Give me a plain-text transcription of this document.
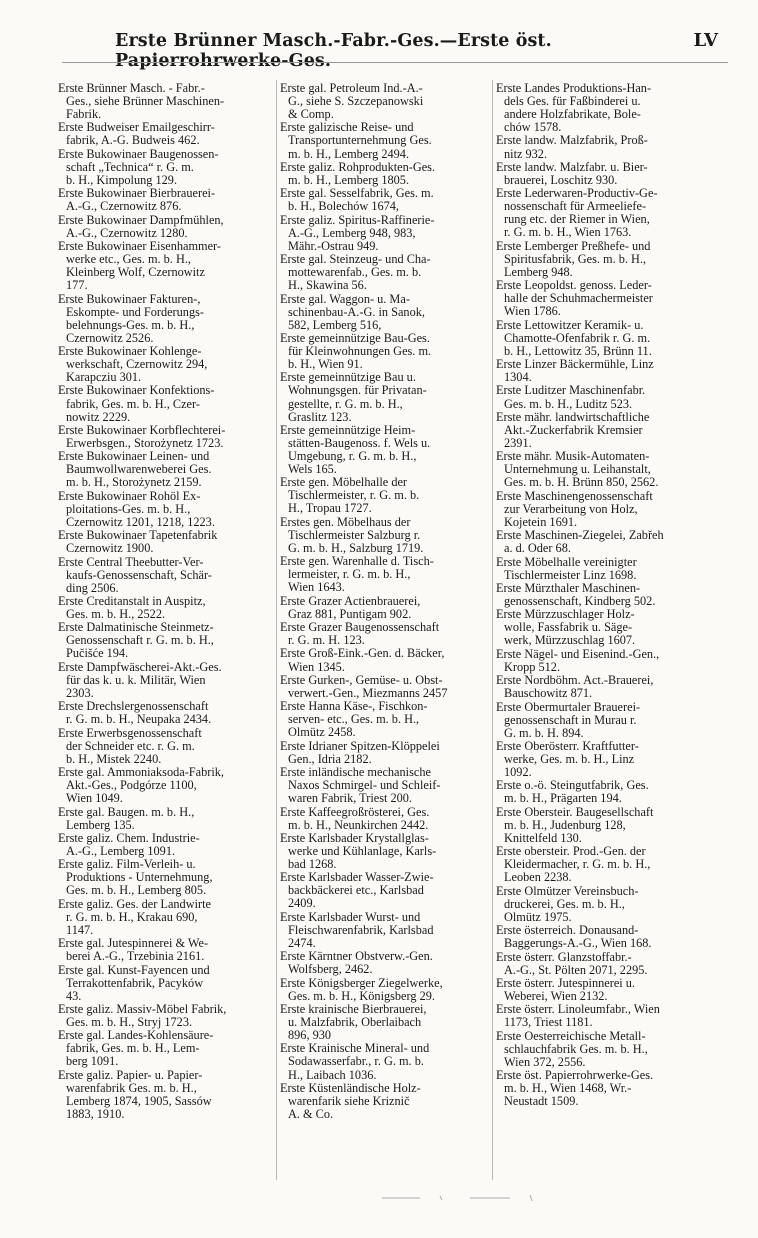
Erste Brünner Masch.-Fabr.-Ges.—Erste öst. Papierrohrwerke-Ges.
LV
Erste Brünner Masch. - Fabr.-
Ges., siehe Brünner Maschinen-
Fabrik.
Erste Budweiser Emailgeschirr-
fabrik, A.-G. Budweis 462.
Erste Bukowinaer Baugenossen-
schaft „Technica“ r. G. m.
b. H., Kimpolung 129.
Erste Bukowinaer Bierbrauerei-
A.-G., Czernowitz 876.
Erste Bukowinaer Dampfmühlen,
A.-G., Czernowitz 1280.
Erste Bukowinaer Eisenhammer-
werke etc., Ges. m. b. H.,
Kleinberg Wolf, Czernowitz
177.
Erste Bukowinaer Fakturen-,
Eskompte- und Forderungs-
belehnungs-Ges. m. b. H.,
Czernowitz 2526.
Erste Bukowinaer Kohlenge-
werkschaft, Czernowitz 294,
Karapcziu 301.
Erste Bukowinaer Konfektions-
fabrik, Ges. m. b. H., Czer-
nowitz 2229.
Erste Bukowinaer Korbflechterei-
Erwerbsgen., Storożynetz 1723.
Erste Bukowinaer Leinen- und
Baumwollwarenweberei Ges.
m. b. H., Storożynetz 2159.
Erste Bukowinaer Rohöl Ex-
ploitations-Ges. m. b. H.,
Czernowitz 1201, 1218, 1223.
Erste Bukowinaer Tapetenfabrik
Czernowitz 1900.
Erste Central Theebutter-Ver-
kaufs-Genossenschaft, Schär-
ding 2506.
Erste Creditanstalt in Auspitz,
Ges. m. b. H., 2522.
Erste Dalmatinische Steinmetz-
Genossenschaft r. G. m. b. H.,
Pučišće 194.
Erste Dampfwäscherei-Akt.-Ges.
für das k. u. k. Militär, Wien
2303.
Erste Drechslergenossenschaft
r. G. m. b. H., Neupaka 2434.
Erste Erwerbsgenossenschaft
der Schneider etc. r. G. m.
b. H., Mistek 2240.
Erste gal. Ammoniaksoda-Fabrik,
Akt.-Ges., Podgórze 1100,
Wien 1049.
Erste gal. Baugen. m. b. H.,
Lemberg 135.
Erste galiz. Chem. Industrie-
A.-G., Lemberg 1091.
Erste galiz. Film-Verleih- u.
Produktions - Unternehmung,
Ges. m. b. H., Lemberg 805.
Erste galiz. Ges. der Landwirte
r. G. m. b. H., Krakau 690,
1147.
Erste gal. Jutespinnerei & We-
berei A.-G., Trzebinia 2161.
Erste gal. Kunst-Fayencen und
Terrakottenfabrik, Pacyków
43.
Erste galiz. Massiv-Möbel Fabrik,
Ges. m. b. H., Stryj 1723.
Erste gal. Landes-Kohlensäure-
fabrik, Ges. m. b. H., Lem-
berg 1091.
Erste galiz. Papier- u. Papier-
warenfabrik Ges. m. b. H.,
Lemberg 1874, 1905, Sassów
1883, 1910.
Erste gal. Petroleum Ind.-A.-
G., siehe S. Szczepanowski
& Comp.
Erste galizische Reise- und
Transportunternehmung Ges.
m. b. H., Lemberg 2494.
Erste galiz. Rohprodukten-Ges.
m. b. H., Lemberg 1805.
Erste gal. Sesselfabrik, Ges. m.
b. H., Bolechów 1674,
Erste galiz. Spiritus-Raffinerie-
A.-G., Lemberg 948, 983,
Mähr.-Ostrau 949.
Erste gal. Steinzeug- und Cha-
mottewarenfab., Ges. m. b.
H., Skawina 56.
Erste gal. Waggon- u. Ma-
schinenbau-A.-G. in Sanok,
582, Lemberg 516,
Erste gemeinnützige Bau-Ges.
für Kleinwohnungen Ges. m.
b. H., Wien 91.
Erste gemeinnützige Bau u.
Wohnungsgen. für Privatan-
gestellte, r. G. m. b. H.,
Graslitz 123.
Erste gemeinnützige Heim-
stätten-Baugenoss. f. Wels u.
Umgebung, r. G. m. b. H.,
Wels 165.
Erste gen. Möbelhalle der
Tischlermeister, r. G. m. b.
H., Tropau 1727.
Erstes gen. Möbelhaus der
Tischlermeister Salzburg r.
G. m. b. H., Salzburg 1719.
Erste gen. Warenhalle d. Tisch-
lermeister, r. G. m. b. H.,
Wien 1643.
Erste Grazer Actienbrauerei,
Graz 881, Puntigam 902.
Erste Grazer Baugenossenschaft
r. G. m. H. 123.
Erste Groß-Eink.-Gen. d. Bäcker,
Wien 1345.
Erste Gurken-, Gemüse- u. Obst-
verwert.-Gen., Miezmanns 2457
Erste Hanna Käse-, Fischkon-
serven- etc., Ges. m. b. H.,
Olmütz 2458.
Erste Idrianer Spitzen-Klöppelei
Gen., Idria 2182.
Erste inländische mechanische
Naxos Schmirgel- und Schleif-
waren Fabrik, Triest 200.
Erste Kaffeegroßrösterei, Ges.
m. b. H., Neunkirchen 2442.
Erste Karlsbader Krystallglas-
werke und Kühlanlage, Karls-
bad 1268.
Erste Karlsbader Wasser-Zwie-
backbäckerei etc., Karlsbad
2409.
Erste Karlsbader Wurst- und
Fleischwarenfabrik, Karlsbad
2474.
Erste Kärntner Obstverw.-Gen.
Wolfsberg, 2462.
Erste Königsberger Ziegelwerke,
Ges. m. b. H., Königsberg 29.
Erste krainische Bierbrauerei,
u. Malzfabrik, Oberlaibach
896, 930
Erste Krainische Mineral- und
Sodawasserfabr., r. G. m. b.
H., Laibach 1036.
Erste Küstenländische Holz-
warenfarik siehe Kriznič
A. & Co.
Erste Landes Produktions-Han-
dels Ges. für Faßbinderei u.
andere Holzfabrikate, Bole-
chów 1578.
Erste landw. Malzfabrik, Proß-
nitz 932.
Erste landw. Malzfabr. u. Bier-
brauerei, Loschitz 930.
Erste Lederwaren-Productiv-Ge-
nossenschaft für Armeeliefe-
rung etc. der Riemer in Wien,
r. G. m. b. H., Wien 1763.
Erste Lemberger Preßhefe- und
Spiritusfabrik, Ges. m. b. H.,
Lemberg 948.
Erste Leopoldst. genoss. Leder-
halle der Schuhmachermeister
Wien 1786.
Erste Lettowitzer Keramik- u.
Chamotte-Ofenfabrik r. G. m.
b. H., Lettowitz 35, Brünn 11.
Erste Linzer Bäckermühle, Linz
1304.
Erste Luditzer Maschinenfabr.
Ges. m. b. H., Luditz 523.
Erste mähr. landwirtschaftliche
Akt.-Zuckerfabrik Kremsier
2391.
Erste mähr. Musik-Automaten-
Unternehmung u. Leihanstalt,
Ges. m. b. H. Brünn 850, 2562.
Erste Maschinengenossenschaft
zur Verarbeitung von Holz,
Kojetein 1691.
Erste Maschinen-Ziegelei, Zabřeh
a. d. Oder 68.
Erste Möbelhalle vereinigter
Tischlermeister Linz 1698.
Erste Mürzthaler Maschinen-
genossenschaft, Kindberg 502.
Erste Mürzzuschlager Holz-
wolle, Fassfabrik u. Säge-
werk, Mürzzuschlag 1607.
Erste Nägel- und Eisenind.-Gen.,
Kropp 512.
Erste Nordböhm. Act.-Brauerei,
Bauschowitz 871.
Erste Obermurtaler Brauerei-
genossenschaft in Murau r.
G. m. b. H. 894.
Erste Oberösterr. Kraftfutter-
werke, Ges. m. b. H., Linz
1092.
Erste o.-ö. Steingutfabrik, Ges.
m. b. H., Prägarten 194.
Erste Obersteir. Baugesellschaft
m. b. H., Judenburg 128,
Knittelfeld 130.
Erste obersteir. Prod.-Gen. der
Kleidermacher, r. G. m. b. H.,
Leoben 2238.
Erste Olmützer Vereinsbuch-
druckerei, Ges. m. b. H.,
Olmütz 1975.
Erste österreich. Donausand-
Baggerungs-A.-G., Wien 168.
Erste österr. Glanzstoffabr.-
A.-G., St. Pölten 2071, 2295.
Erste österr. Jutespinnerei u.
Weberei, Wien 2132.
Erste österr. Linoleumfabr., Wien
1173, Triest 1181.
Erste Oesterreichische Metall-
schlauchfabrik Ges. m. b. H.,
Wien 372, 2556.
Erste öst. Papierrohrwerke-Ges.
m. b. H., Wien 1468, Wr.-
Neustadt 1509.
